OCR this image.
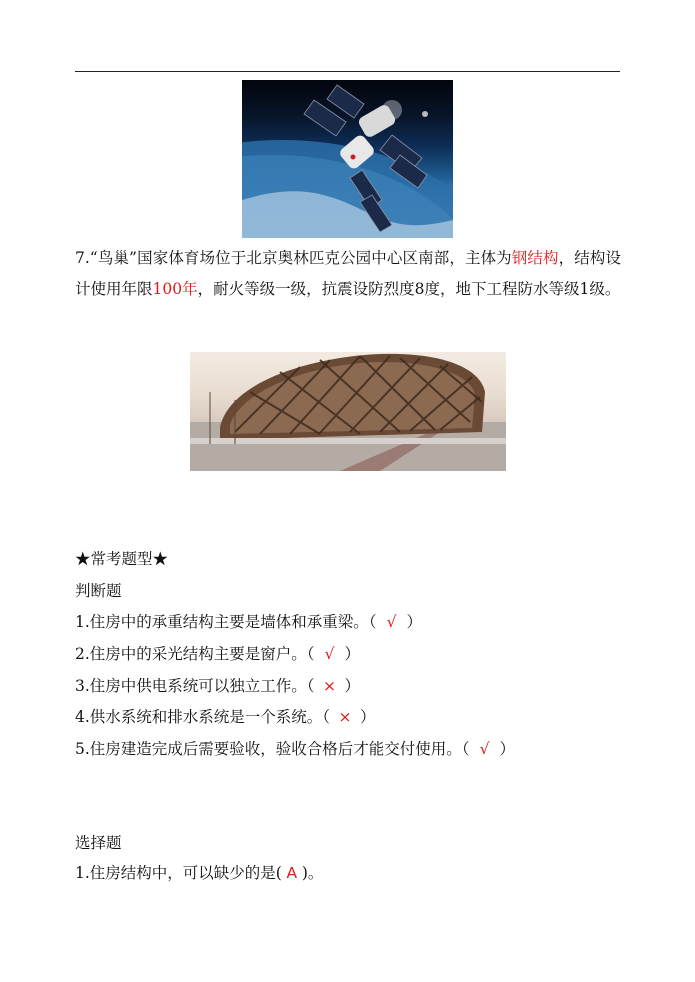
7.“鸟巢”国家体育场位于北京奥林匹克公园中心区南部，主体为钢结构，结构设计使用年限100年，耐火等级一级，抗震设防烈度8度，地下工程防水等级1级。

★常考题型★

判断题

1.住房中的承重结构主要是墙体和承重梁。（ √ ）

2.住房中的采光结构主要是窗户。（ √ ）

3.住房中供电系统可以独立工作。（ × ）

4.供水系统和排水系统是一个系统。（ × ）

5.住房建造完成后需要验收，验收合格后才能交付使用。（ √ ）

选择题

1.住房结构中，可以缺少的是( A )。
